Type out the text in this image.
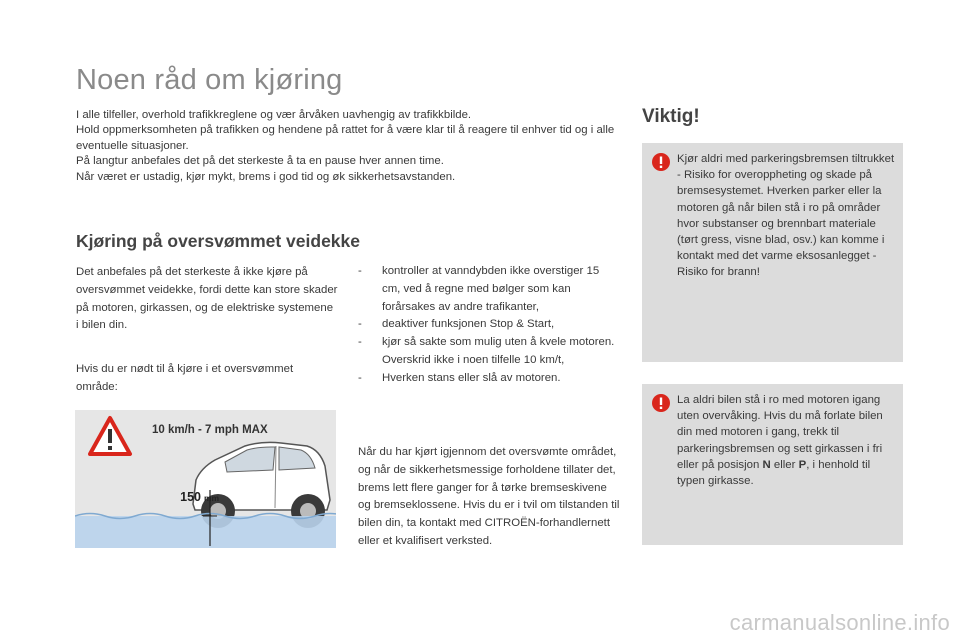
Noen råd om kjøring

I alle tilfeller, overhold trafikkreglene og vær årvåken uavhengig av trafikkbilde.

Hold oppmerksomheten på trafikken og hendene på rattet for å være klar til å reagere til enhver tid og i alle eventuelle situasjoner.

På langtur anbefales det på det sterkeste å ta en pause hver annen time.

Når været er ustadig, kjør mykt, brems i god tid og øk sikkerhetsavstanden.

Kjøring på oversvømmet veidekke

Det anbefales på det sterkeste å ikke kjøre på oversvømmet veidekke, fordi dette kan store skader på motoren, girkassen, og de elektriske systemene i bilen din.

Hvis du er nødt til å kjøre i et oversvømmet område:

10 km/h - 7 mph MAX
150 mm
- kontroller at vanndybden ikke overstiger 15 cm, ved å regne med bølger som kan forårsakes av andre trafikanter,
- deaktiver funksjonen Stop & Start,
- kjør så sakte som mulig uten å kvele motoren. Overskrid ikke i noen tilfelle 10 km/t,
- Hverken stans eller slå av motoren.

Når du har kjørt igjennom det oversvømte området, og når de sikkerhetsmessige forholdene tillater det, brems lett flere ganger for å tørke bremseskivene og bremseklossene. Hvis du er i tvil om tilstanden til bilen din, ta kontakt med CITROËN-forhandlernett eller et kvalifisert verksted.

Viktig!
Kjør aldri med parkeringsbremsen tiltrukket - Risiko for overoppheting og skade på bremsesystemet. Hverken parker eller la motoren gå når bilen stå i ro på områder hvor substanser og brennbart materiale (tørt gress, visne blad, osv.) kan komme i kontakt med det varme eksosanlegget - Risiko for brann!
La aldri bilen stå i ro med motoren igang uten overvåking. Hvis du må forlate bilen din med motoren i gang, trekk til parkeringsbremsen og sett girkassen i fri eller på posisjon N eller P, i henhold til typen girkasse.
carmanualsonline.info
